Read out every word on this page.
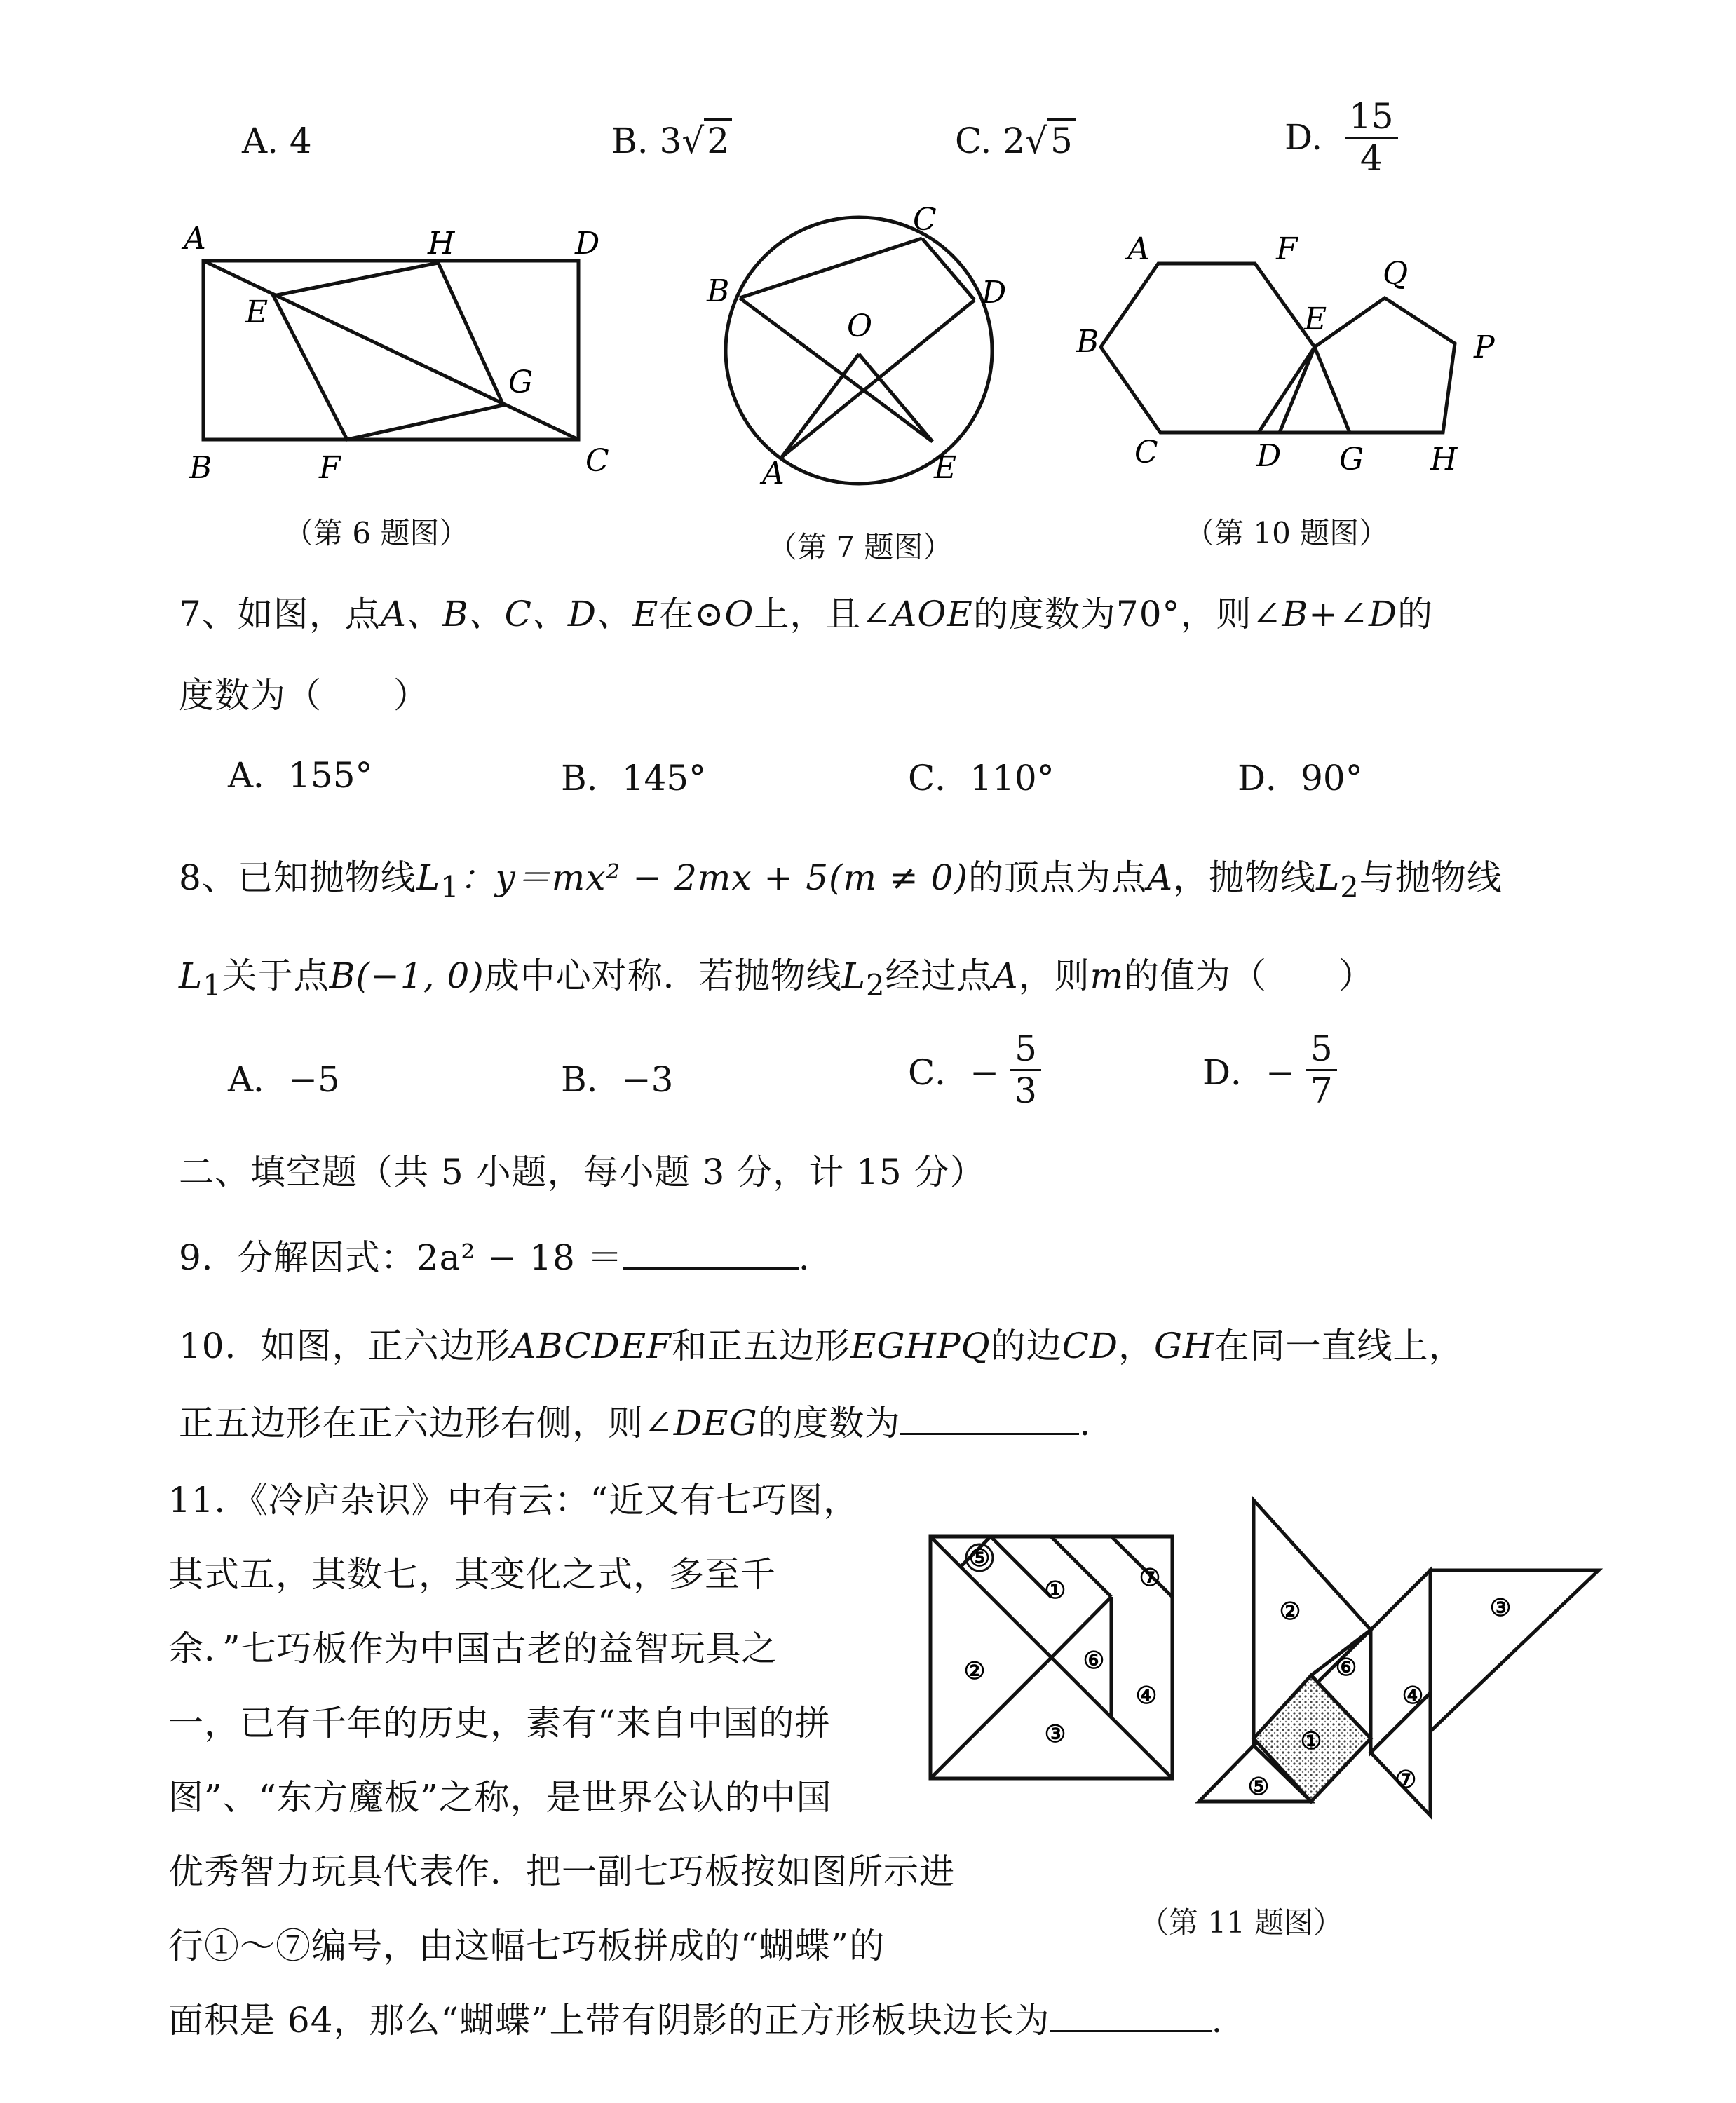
A. 4	B. 3√2	C. 2√5	D. $\frac{15}{4}$
A	H	D
E
G
B	F	C
（第 6 题图）
C
B	D
O
A	E
（第 7 题图）
A	F
Q
E
B	P
C	D G H
（第 10 题图）
7、如图，点A、B、C、D、E在⊙O上，且∠AOE的度数为70°，则∠B+∠D的
度数为（　　）
A．155°	B．145°	C．110°	D．90°
8、已知抛物线$L_1$：y＝mx² − 2mx + 5(m ≠ 0)的顶点为点A，抛物线$L_2$与抛物线
$L_1$关于点B(−1, 0)成中心对称．若抛物线$L_2$经过点A，则m的值为（　　）
A．−5	B．−3	C．− $\frac{5}{3}$	D．− $\frac{5}{7}$
二、填空题（共 5 小题，每小题 3 分，计 15 分）
9．分解因式：2a² − 18 ＝	.
10．如图，正六边形ABCDEF和正五边形EGHPQ的边CD，GH在同一直线上，
正五边形在正六边形右侧，则∠DEG的度数为	.
11．《冷庐杂识》中有云：“近又有七巧图，
其式五，其数七，其变化之式，多至千
余．”七巧板作为中国古老的益智玩具之
一，已有千年的历史，素有“来自中国的拼
图”、“东方魔板”之称，是世界公认的中国
优秀智力玩具代表作．把一副七巧板按如图所示进
行①～⑦编号，由这幅七巧板拼成的“蝴蝶”的
面积是 64，那么“蝴蝶”上带有阴影的正方形板块边长为	.
⑤
①	⑦
②	⑥
④
③
②
⑥
①
⑤
④
⑦
③
（第 11 题图）
